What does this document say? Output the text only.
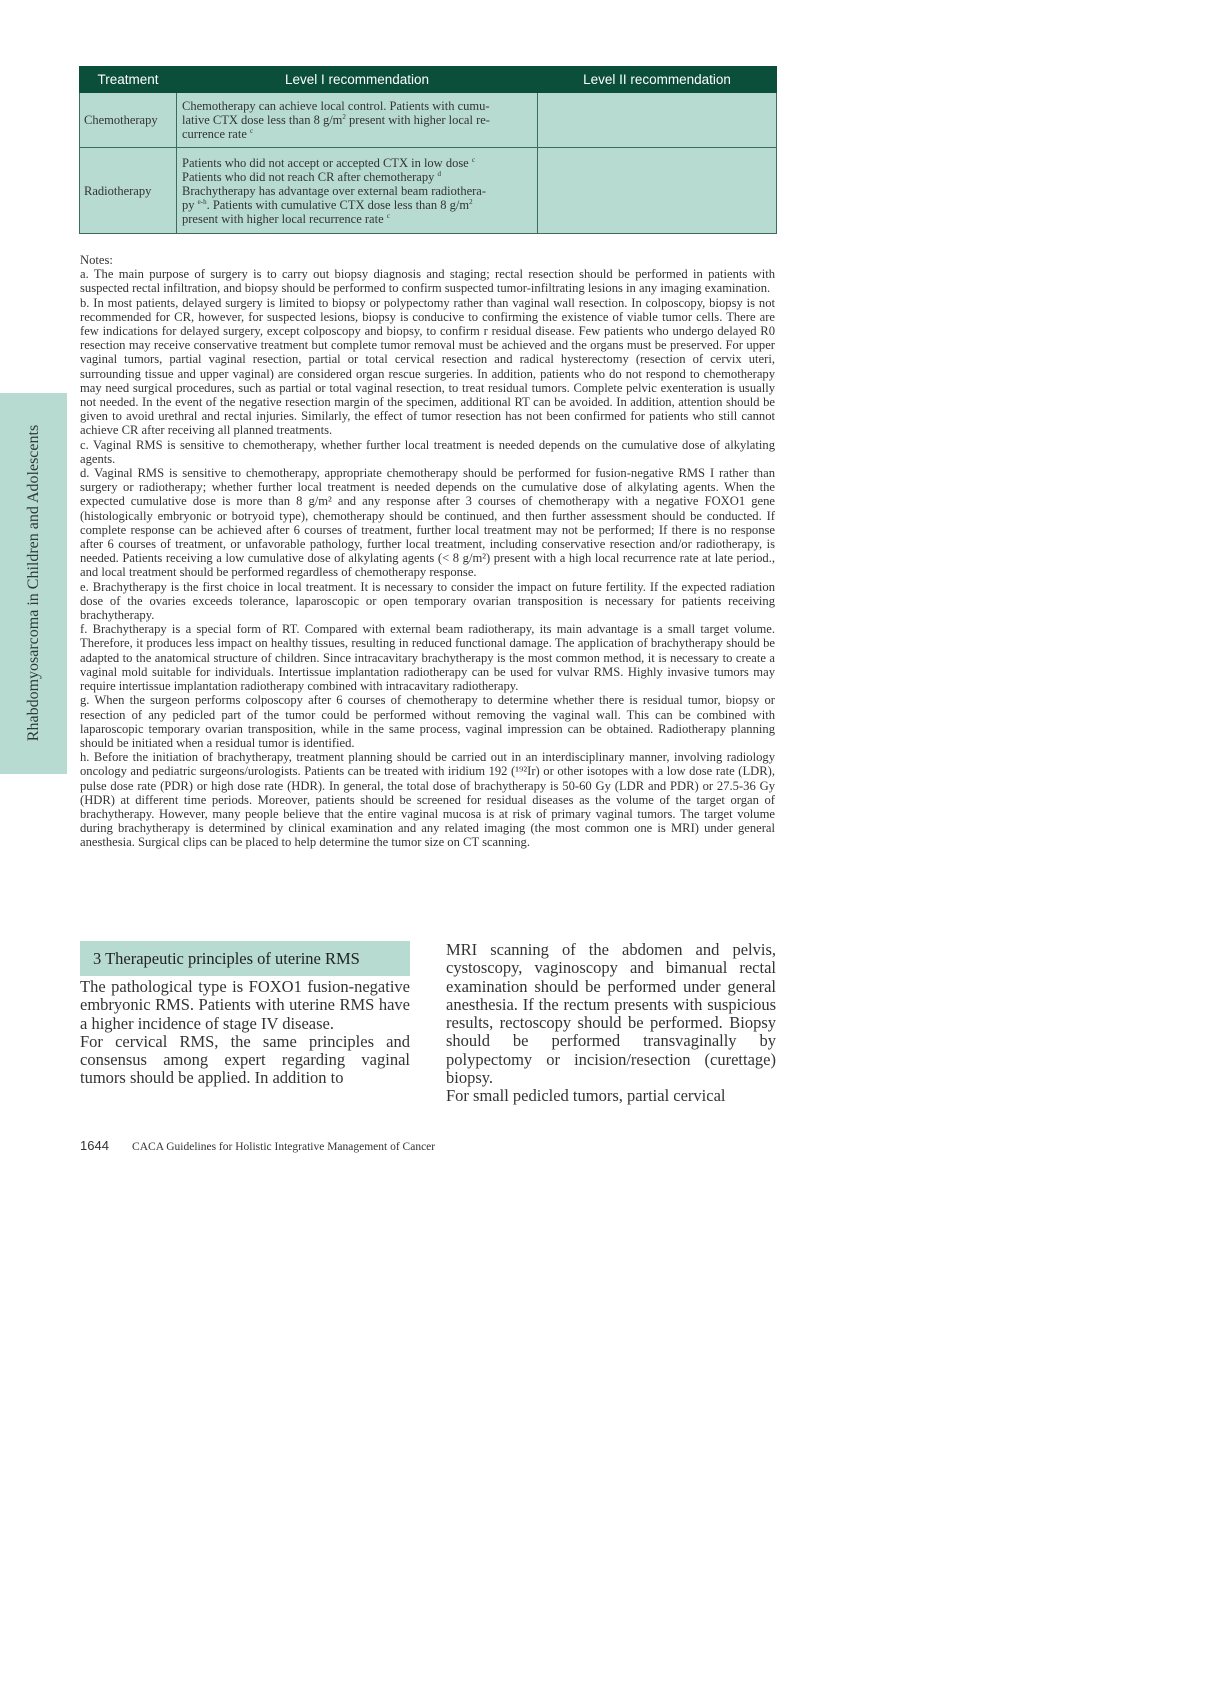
Rhabdomyosarcoma in Children and Adolescents
Treatment	Level I recommendation	Level II recommendation
Chemotherapy	Chemotherapy can achieve local control. Patients with cumu-
lative CTX dose less than 8 $g/m^2$ present with higher local re-
currence rate $^c$

Radiotherapy	Patients who did not accept or accepted CTX in low dose $^c$
Patients who did not reach CR after chemotherapy $^d$
Brachytherapy has advantage over external beam radiothera-
py $^{e-h}$. Patients with cumulative CTX dose less than 8 $g/m^2$
present with higher local recurrence rate $^c$

Notes:

a. The main purpose of surgery is to carry out biopsy diagnosis and staging; rectal resection should be performed in patients with suspected rectal infiltration, and biopsy should be performed to confirm suspected tumor-infiltrating lesions in any imaging examination.

b. In most patients, delayed surgery is limited to biopsy or polypectomy rather than vaginal wall resection. In colposcopy, biopsy is not recommended for CR, however, for suspected lesions, biopsy is conducive to confirming the existence of viable tumor cells. There are few indications for delayed surgery, except colposcopy and biopsy, to confirm r residual disease. Few patients who undergo delayed R0 resection may receive conservative treatment but complete tumor removal must be achieved and the organs must be preserved. For upper vaginal tumors, partial vaginal resection, partial or total cervical resection and radical hysterectomy (resection of cervix uteri, surrounding tissue and upper vaginal) are considered organ rescue surgeries. In addition, patients who do not respond to chemotherapy may need surgical procedures, such as partial or total vaginal resection, to treat residual tumors. Complete pelvic exenteration is usually not needed. In the event of the negative resection margin of the specimen, additional RT can be avoided. In addition, attention should be given to avoid urethral and rectal injuries. Similarly, the effect of tumor resection has not been confirmed for patients who still cannot achieve CR after receiving all planned treatments.

c. Vaginal RMS is sensitive to chemotherapy, whether further local treatment is needed depends on the cumulative dose of alkylating agents.

d. Vaginal RMS is sensitive to chemotherapy, appropriate chemotherapy should be performed for fusion-negative RMS I rather than surgery or radiotherapy; whether further local treatment is needed depends on the cumulative dose of alkylating agents. When the expected cumulative dose is more than 8 g/m² and any response after 3 courses of chemotherapy with a negative FOXO1 gene (histologically embryonic or botryoid type), chemotherapy should be continued, and then further assessment should be conducted. If complete response can be achieved after 6 courses of treatment, further local treatment may not be performed; If there is no response after 6 courses of treatment, or unfavorable pathology, further local treatment, including conservative resection and/or radiotherapy, is needed. Patients receiving a low cumulative dose of alkylating agents (< 8 g/m²) present with a high local recurrence rate at late period., and local treatment should be performed regardless of chemotherapy response.

e. Brachytherapy is the first choice in local treatment. It is necessary to consider the impact on future fertility. If the expected radiation dose of the ovaries exceeds tolerance, laparoscopic or open temporary ovarian transposition is necessary for patients receiving brachytherapy.

f. Brachytherapy is a special form of RT. Compared with external beam radiotherapy, its main advantage is a small target volume. Therefore, it produces less impact on healthy tissues, resulting in reduced functional damage. The application of brachytherapy should be adapted to the anatomical structure of children. Since intracavitary brachytherapy is the most common method, it is necessary to create a vaginal mold suitable for individuals. Intertissue implantation radiotherapy can be used for vulvar RMS. Highly invasive tumors may require intertissue implantation radiotherapy combined with intracavitary radiotherapy.

g. When the surgeon performs colposcopy after 6 courses of chemotherapy to determine whether there is residual tumor, biopsy or resection of any pedicled part of the tumor could be performed without removing the vaginal wall. This can be combined with laparoscopic temporary ovarian transposition, while in the same process, vaginal impression can be obtained. Radiotherapy planning should be initiated when a residual tumor is identified.

h. Before the initiation of brachytherapy, treatment planning should be carried out in an interdisciplinary manner, involving radiology oncology and pediatric surgeons/urologists. Patients can be treated with iridium 192 (¹⁹²Ir) or other isotopes with a low dose rate (LDR), pulse dose rate (PDR) or high dose rate (HDR). In general, the total dose of brachytherapy is 50-60 Gy (LDR and PDR) or 27.5-36 Gy (HDR) at different time periods. Moreover, patients should be screened for residual diseases as the volume of the target organ of brachytherapy. However, many people believe that the entire vaginal mucosa is at risk of primary vaginal tumors. The target volume during brachytherapy is determined by clinical examination and any related imaging (the most common one is MRI) under general anesthesia. Surgical clips can be placed to help determine the tumor size on CT scanning.

3 Therapeutic principles of uterine RMS

The pathological type is FOXO1 fusion-negative embryonic RMS. Patients with uterine RMS have a higher incidence of stage IV disease.

For cervical RMS, the same principles and consensus among expert regarding vaginal tumors should be applied. In addition to

MRI scanning of the abdomen and pelvis, cystoscopy, vaginoscopy and bimanual rectal examination should be performed under general anesthesia. If the rectum presents with suspicious results, rectoscopy should be performed. Biopsy should be performed transvaginally by polypectomy or incision/resection (curettage) biopsy.

For small pedicled tumors, partial cervical

1644 CACA Guidelines for Holistic Integrative Management of Cancer
